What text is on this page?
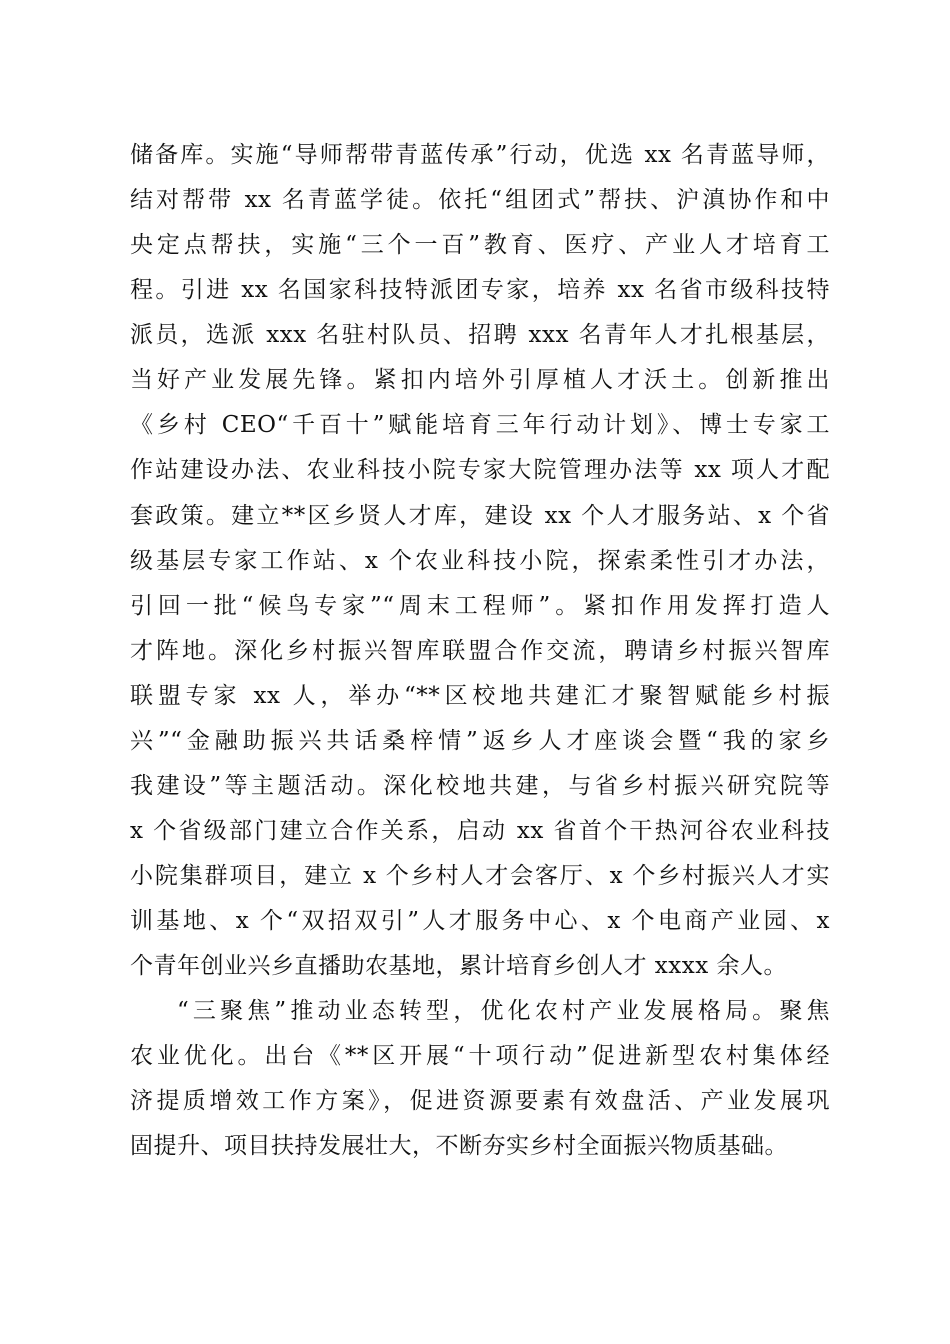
储备库。实施“导师帮带青蓝传承”行动，优选 xx 名青蓝导师，
结对帮带 xx 名青蓝学徒。依托“组团式”帮扶、沪滇协作和中
央定点帮扶，实施“三个一百”教育、医疗、产业人才培育工
程。引进 xx 名国家科技特派团专家，培养 xx 名省市级科技特
派员，选派 xxx 名驻村队员、招聘 xxx 名青年人才扎根基层，
当好产业发展先锋。紧扣内培外引厚植人才沃土。创新推出
《乡村 CEO“千百十”赋能培育三年行动计划》、博士专家工
作站建设办法、农业科技小院专家大院管理办法等 xx 项人才配
套政策。建立**区乡贤人才库，建设 xx 个人才服务站、x 个省
级基层专家工作站、x 个农业科技小院，探索柔性引才办法，
引回一批“候鸟专家”“周末工程师”。紧扣作用发挥打造人
才阵地。深化乡村振兴智库联盟合作交流，聘请乡村振兴智库
联盟专家 xx 人，举办“**区校地共建汇才聚智赋能乡村振
兴”“金融助振兴共话桑梓情”返乡人才座谈会暨“我的家乡
我建设”等主题活动。深化校地共建，与省乡村振兴研究院等
x 个省级部门建立合作关系，启动 xx 省首个干热河谷农业科技
小院集群项目，建立 x 个乡村人才会客厅、x 个乡村振兴人才实
训基地、x 个“双招双引”人才服务中心、x 个电商产业园、x
个青年创业兴乡直播助农基地，累计培育乡创人才 xxxx 余人。
“三聚焦”推动业态转型，优化农村产业发展格局。聚焦
农业优化。出台《**区开展“十项行动”促进新型农村集体经
济提质增效工作方案》，促进资源要素有效盘活、产业发展巩
固提升、项目扶持发展壮大，不断夯实乡村全面振兴物质基础。
